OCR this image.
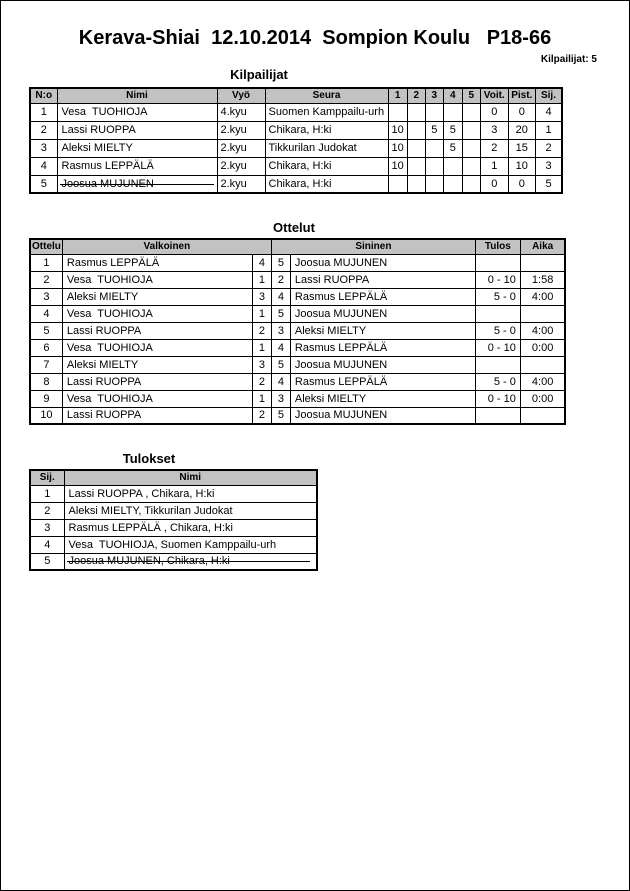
Kerava-Shiai  12.10.2014  Sompion Koulu   P18-66
Kilpailijat: 5
Kilpailijat
N:o	Nimi	Vyö	Seura	1	2	3	4	5	Voit.	Pist.	Sij.
1	Vesa  TUOHIOJA	4.kyu	Suomen Kamppailu-urh						0	0	4
2	Lassi RUOPPA	2.kyu	Chikara, H:ki	10		5	5		3	20	1
3	Aleksi MIELTY	2.kyu	Tikkurilan Judokat	10			5		2	15	2
4	Rasmus LEPPÄLÄ	2.kyu	Chikara, H:ki	10					1	10	3
5	Joosua MUJUNEN	2.kyu	Chikara, H:ki						0	0	5
Ottelut
Ottelu	Valkoinen		Sininen		Tulos	Aika
1	Rasmus LEPPÄLÄ	4	5	Joosua MUJUNEN		
2	Vesa  TUOHIOJA	1	2	Lassi RUOPPA	0 - 10	1:58
3	Aleksi MIELTY	3	4	Rasmus LEPPÄLÄ	5 - 0	4:00
4	Vesa  TUOHIOJA	1	5	Joosua MUJUNEN		
5	Lassi RUOPPA	2	3	Aleksi MIELTY	5 - 0	4:00
6	Vesa  TUOHIOJA	1	4	Rasmus LEPPÄLÄ	0 - 10	0:00
7	Aleksi MIELTY	3	5	Joosua MUJUNEN		
8	Lassi RUOPPA	2	4	Rasmus LEPPÄLÄ	5 - 0	4:00
9	Vesa  TUOHIOJA	1	3	Aleksi MIELTY	0 - 10	0:00
10	Lassi RUOPPA	2	5	Joosua MUJUNEN		
Tulokset
Sij.	Nimi
1	Lassi RUOPPA , Chikara, H:ki
2	Aleksi MIELTY, Tikkurilan Judokat
3	Rasmus LEPPÄLÄ , Chikara, H:ki
4	Vesa  TUOHIOJA, Suomen Kamppailu-urh
5	Joosua MUJUNEN, Chikara, H:ki
